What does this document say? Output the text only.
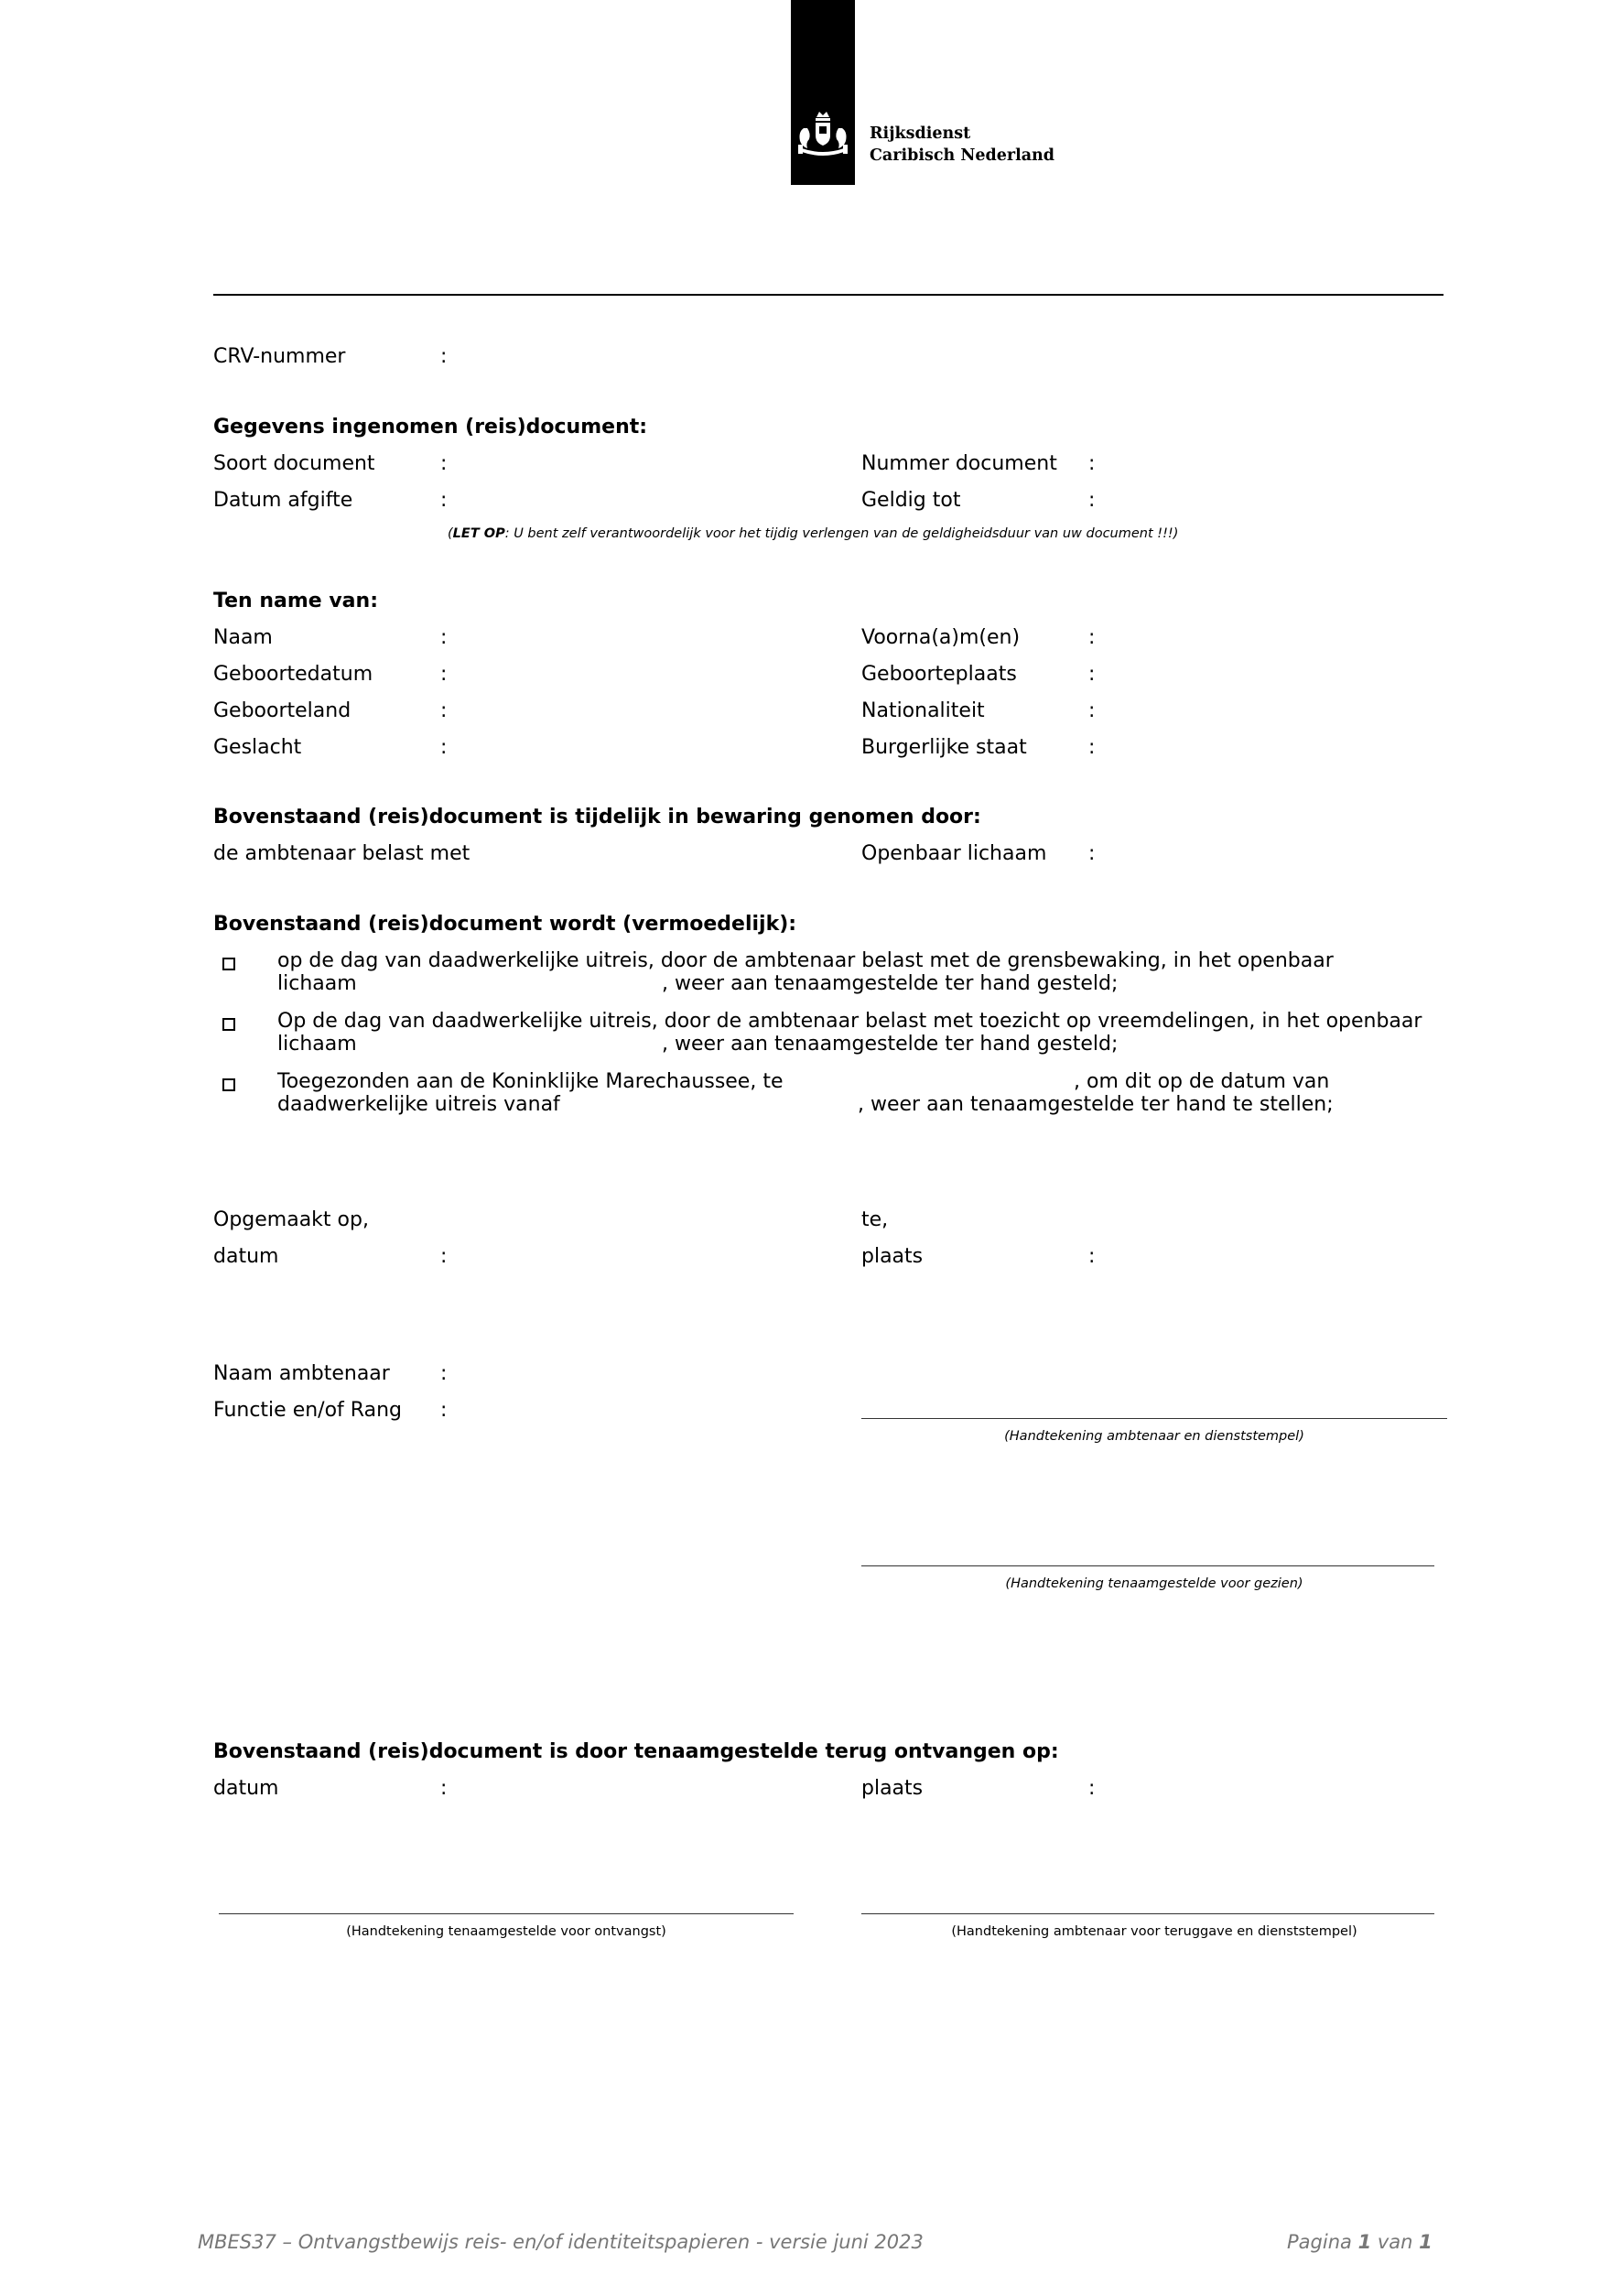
Rijksdienst
Caribisch Nederland
CRV-nummer	:
Gegevens ingenomen (reis)document:
Soort document	:	Nummer document :
Datum afgifte	:	Geldig tot	:
(LET OP: U bent zelf verantwoordelijk voor het tijdig verlengen van de geldigheidsduur van uw document !!!)
Ten name van:
Naam	:	Voorna(a)m(en)	:
Geboortedatum	:	Geboorteplaats	:
Geboorteland	:	Nationaliteit	:
Geslacht	:	Burgerlijke staat	:
Bovenstaand (reis)document is tijdelijk in bewaring genomen door:
de ambtenaar belast met	Openbaar lichaam :
Bovenstaand (reis)document wordt (vermoedelijk):
op de dag van daadwerkelijke uitreis, door de ambtenaar belast met de grensbewaking, in het openbaar
lichaam	, weer aan tenaamgestelde ter hand gesteld;
Op de dag van daadwerkelijke uitreis, door de ambtenaar belast met toezicht op vreemdelingen, in het openbaar
lichaam	, weer aan tenaamgestelde ter hand gesteld;
Toegezonden aan de Koninklijke Marechaussee, te	, om dit op de datum van
daadwerkelijke uitreis vanaf	, weer aan tenaamgestelde ter hand te stellen;
Opgemaakt op,	te,
datum	:	plaats	:
Naam ambtenaar	:
Functie en/of Rang :
(Handtekening ambtenaar en dienststempel)
(Handtekening tenaamgestelde voor gezien)
Bovenstaand (reis)document is door tenaamgestelde terug ontvangen op:
datum	:	plaats	:
(Handtekening tenaamgestelde voor ontvangst)	(Handtekening ambtenaar voor teruggave en dienststempel)
MBES37 – Ontvangstbewijs reis- en/of identiteitspapieren - versie juni 2023	Pagina 1 van 1
